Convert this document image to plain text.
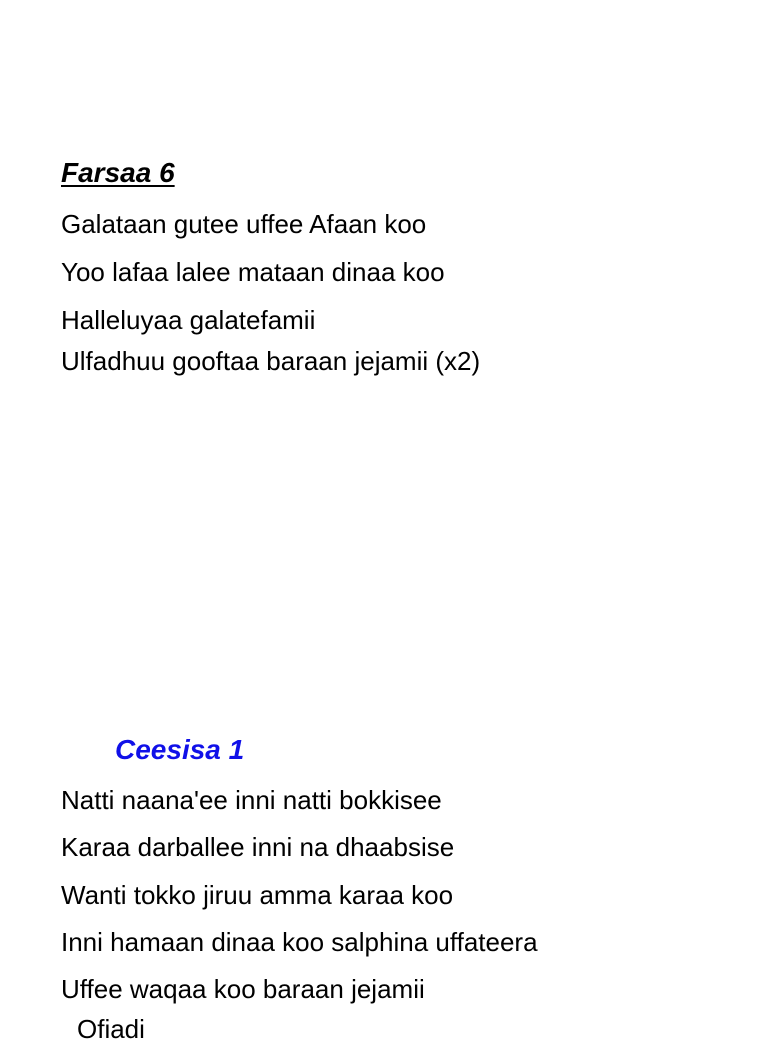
Farsaa 6
Galataan gutee uffee Afaan koo
Yoo lafaa lalee mataan dinaa koo
Halleluyaa galatefamii
Ulfadhuu gooftaa baraan jejamii (x2)
Ceesisa 1
Natti naana'ee inni natti bokkisee
Karaa darballee inni na dhaabsise
Wanti tokko jiruu amma karaa koo
Inni hamaan dinaa koo salphina uffateera
Uffee waqaa koo baraan jejamii
Ofiadi
